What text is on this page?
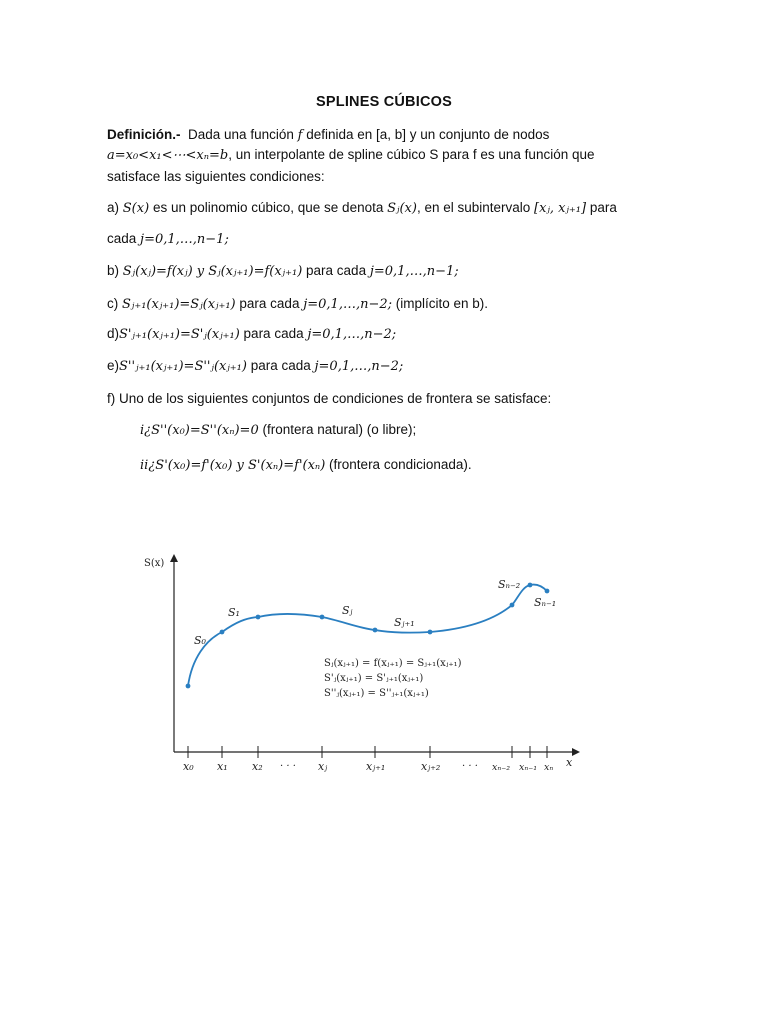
SPLINES CÚBICOS
Definición.- Dada una función f definida en [a, b] y un conjunto de nodos
a=x₀<x₁<⋯<xₙ=b, un interpolante de spline cúbico S para f es una función que
satisface las siguientes condiciones:
a) S(x) es un polinomio cúbico, que se denota Sⱼ(x), en el subintervalo [xⱼ, xⱼ₊₁] para
cada j=0,1,…,n−1;
b) Sⱼ(xⱼ)=f(xⱼ) y Sⱼ(xⱼ₊₁)=f(xⱼ₊₁) para cada j=0,1,…,n−1;
c) Sⱼ₊₁(xⱼ₊₁)=Sⱼ(xⱼ₊₁) para cada j=0,1,…,n−2; (implícito en b).
d)S'ⱼ₊₁(xⱼ₊₁)=S'ⱼ(xⱼ₊₁) para cada j=0,1,…,n−2;
e)S''ⱼ₊₁(xⱼ₊₁)=S''ⱼ(xⱼ₊₁) para cada j=0,1,…,n−2;
f) Uno de los siguientes conjuntos de condiciones de frontera se satisface:
i¿S''(x₀)=S''(xₙ)=0 (frontera natural) (o libre);
ii¿S'(x₀)=f'(x₀) y S'(xₙ)=f'(xₙ) (frontera condicionada).
S(x)
x
x₀ x₁ x₂ · · · xⱼ	xⱼ₊₁	xⱼ₊₂ · · · xₙ₋₂ xₙ₋₁ xₙ
S₀
S₁	Sⱼ
Sⱼ₊₁
Sₙ₋₂
Sₙ₋₁
Sⱼ(xⱼ₊₁) = f(xⱼ₊₁) = Sⱼ₊₁(xⱼ₊₁)
S'ⱼ(xⱼ₊₁) = S'ⱼ₊₁(xⱼ₊₁)
S''ⱼ(xⱼ₊₁) = S''ⱼ₊₁(xⱼ₊₁)
